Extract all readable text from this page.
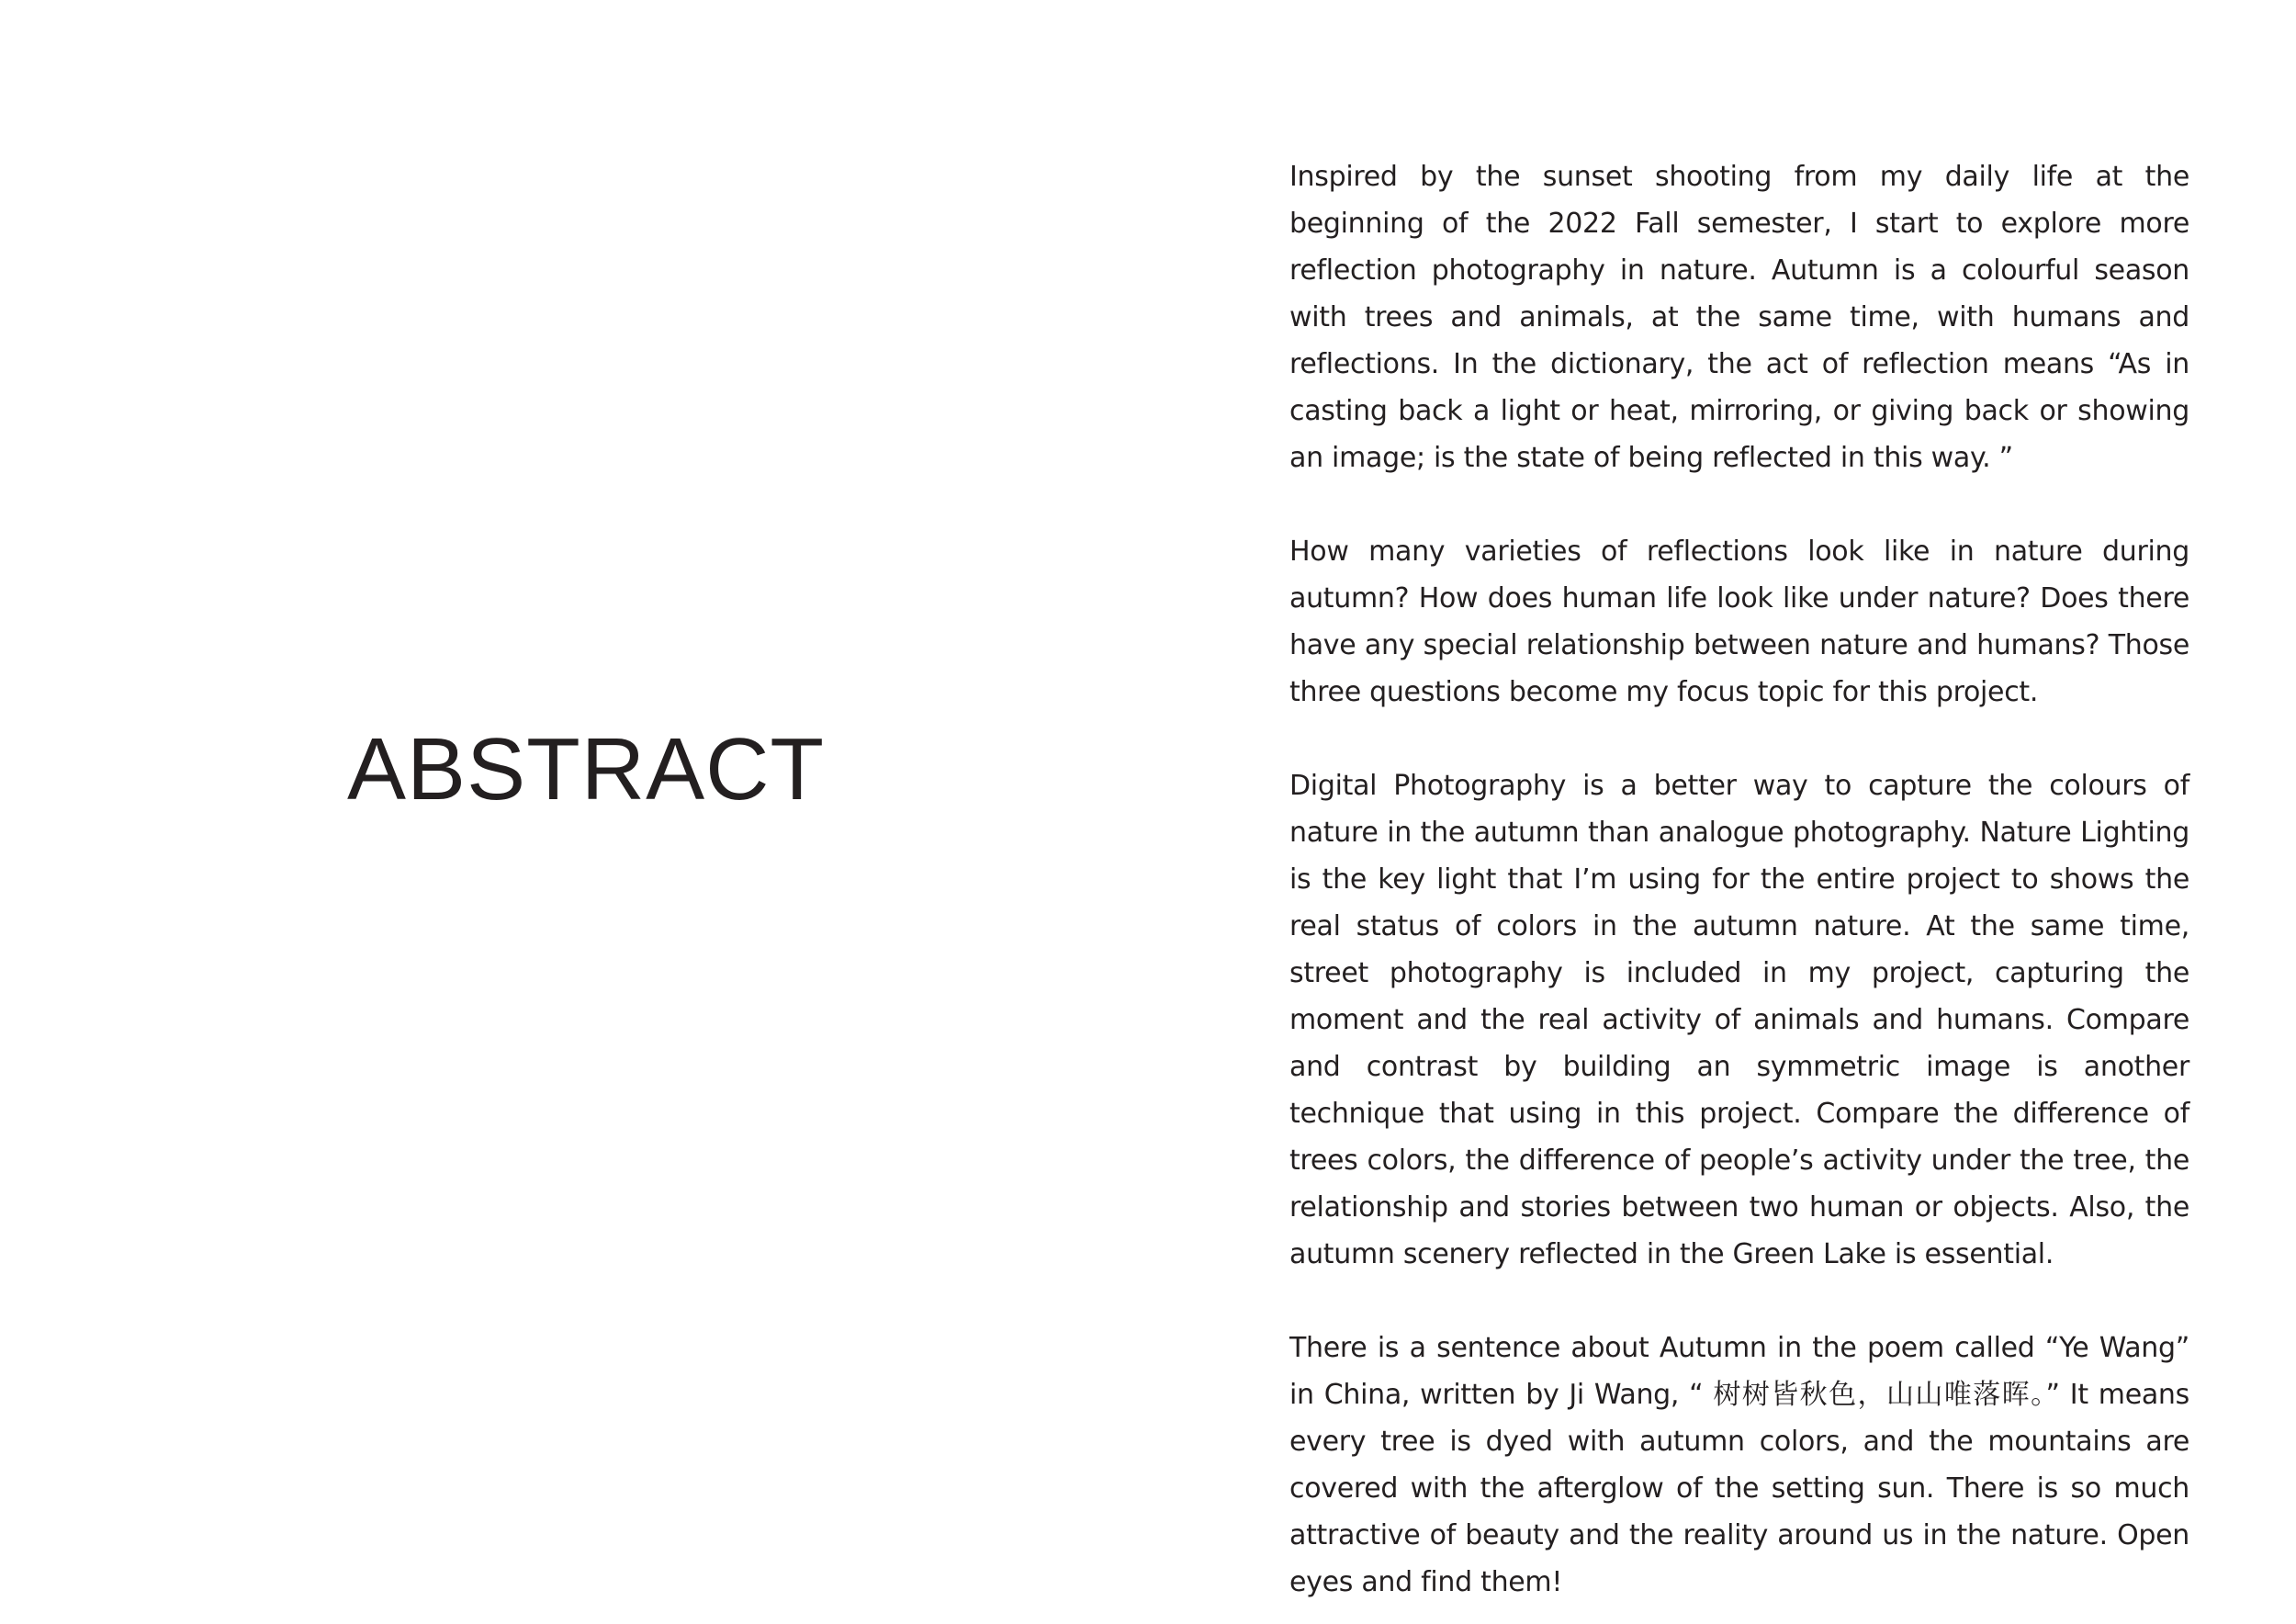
ABSTRACT

Inspired by the sunset shooting from my daily life at the beginning of the 2022 Fall semester, I start to explore more reflection photography in nature. Autumn is a colourful season with trees and animals, at the same time, with humans and reflections. In the dictionary, the act of reflection means “As in casting back a light or heat, mirroring, or giving back or showing an image; is the state of being reflected in this way. ”

How many varieties of reflections look like in nature during autumn? How does human life look like under nature? Does there have any special relationship between nature and humans? Those three questions become my focus topic for this project.

Digital Photography is a better way to capture the colours of nature in the autumn than analogue photography. Nature Lighting is the key light that I’m using for the entire project to shows the real status of colors in the autumn nature. At the same time, street photography is included in my project, capturing the moment and the real activity of animals and humans. Compare and contrast by building an symmetric image is another technique that using in this project. Compare the difference of trees colors, the difference of people’s activity under the tree, the relationship and stories between two human or objects. Also, the autumn scenery reflected in the Green Lake is essential.

There is a sentence about Autumn in the poem called “Ye Wang” in China, written by Ji Wang, “ 树树皆秋色，山山唯落晖。” It means every tree is dyed with autumn colors, and the mountains are covered with the afterglow of the setting sun. There is so much attractive of beauty and the reality around us in the nature. Open eyes and find them!
